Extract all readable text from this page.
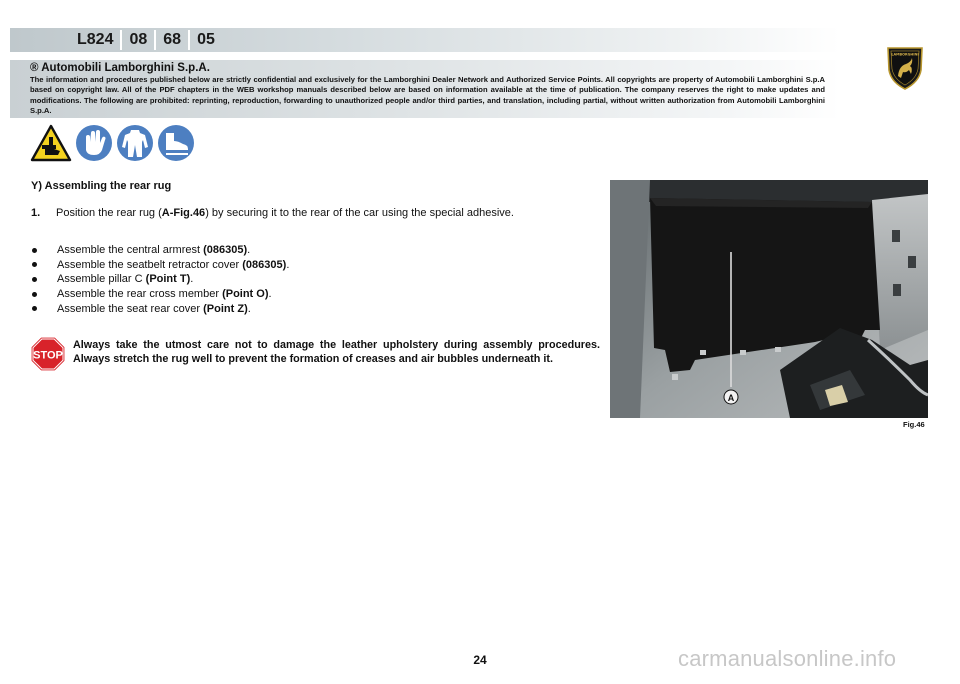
L824	08	68	05
LAMBORGHINI
® Automobili Lamborghini S.p.A.
The information and procedures published below are strictly confidential and exclusively for the Lamborghini Dealer Network and Authorized Service Points. All copyrights are property of Automobili Lamborghini S.p.A based on copyright law. All of the PDF chapters in the WEB workshop manuals described below are based on information available at the time of publication. The company reserves the right to make updates and modifications. The following are prohibited: reprinting, reproduction, forwarding to unauthorized people and/or third parties, and translation, including partial, without written authorization from Automobili Lamborghini S.p.A.
Y) Assembling the rear rug
1.	Position the rear rug (A-Fig.46) by securing it to the rear of the car using the special adhesive.
Assemble the central armrest
(086305) .
Assemble the seatbelt retractor cover
(086305) .
Assemble pillar C
(Point T) .
Assemble the rear cross member
(Point O) .
Assemble the seat rear cover
(Point Z) .
STOP
Always take the utmost care not to damage the leather upholstery during assembly procedures. Always stretch the rug well to prevent the formation of creases and air bubbles underneath it.
A
Fig.46
24	carmanualsonline.info
